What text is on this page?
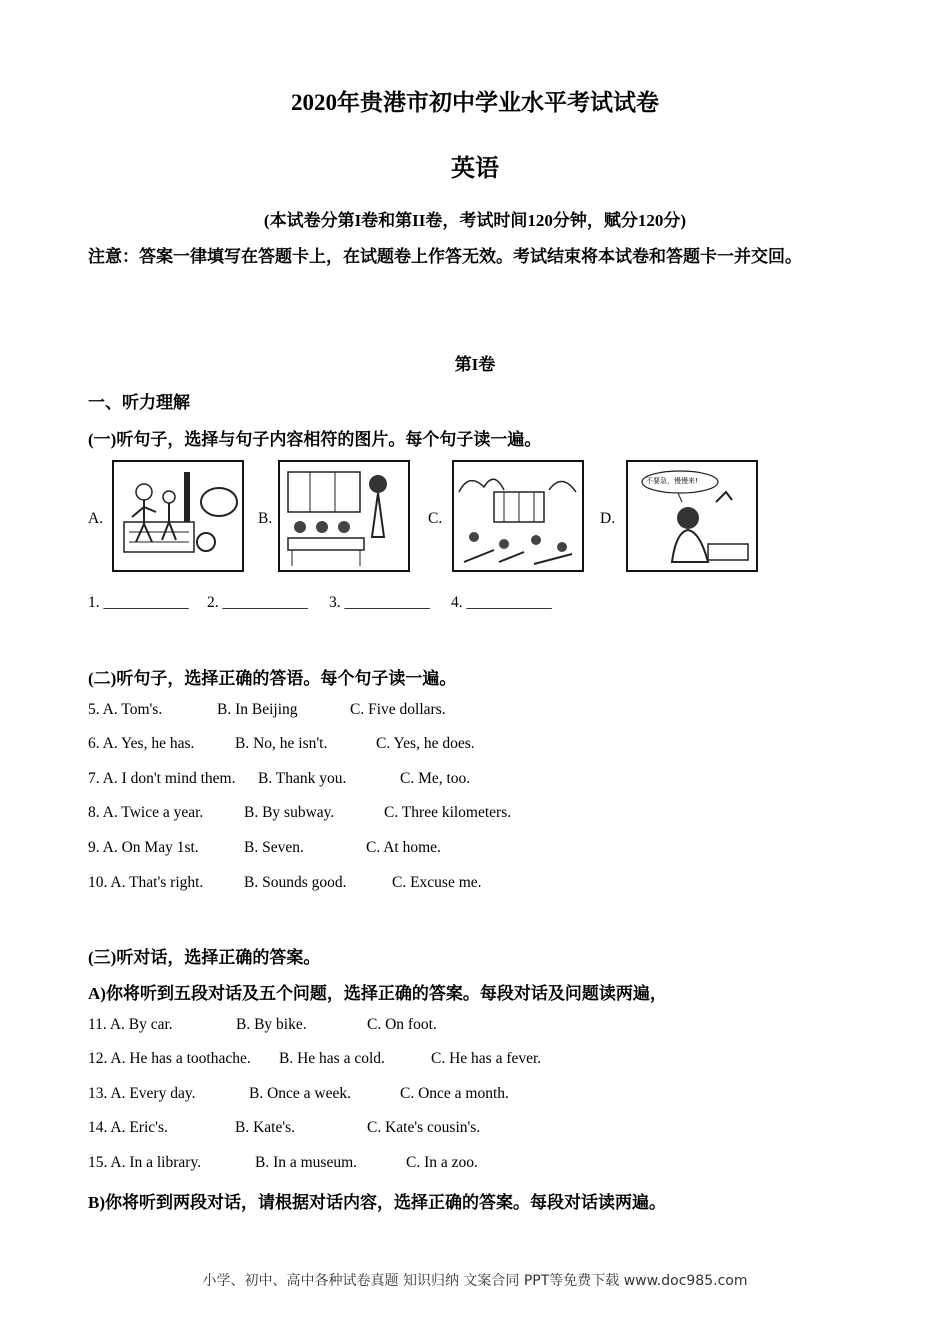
2020年贵港市初中学业水平考试试卷
英语
(本试卷分第I卷和第II卷，考试时间120分钟，赋分120分)
注意：答案一律填写在答题卡上，在试题卷上作答无效。考试结束将本试卷和答题卡一并交回。
第I卷
一、听力理解
(一)听句子，选择与句子内容相符的图片。每个句子读一遍。
A.	B.	C.	D.
不要急，慢慢来!
1. ___________ 2. ___________ 3. ___________ 4. ___________
(二)听句子，选择正确的答语。每个句子读一遍。
5. A. Tom's.	B. In Beijing	C. Five dollars.
6. A. Yes, he has.	B. No, he isn't.	C. Yes, he does.
7. A. I don't mind them. B. Thank you.	C. Me, too.
8. A. Twice a year.	B. By subway.	C. Three kilometers.
9. A. On May 1st.	B. Seven.	C. At home.
10. A. That's right.	B. Sounds good.	C. Excuse me.
(三)听对话，选择正确的答案。
A)你将听到五段对话及五个问题，选择正确的答案。每段对话及问题读两遍，
11. A. By car.	B. By bike.	C. On foot.
12. A. He has a toothache. B. He has a cold.	C. He has a fever.
13. A. Every day.	B. Once a week.	C. Once a month.
14. A. Eric's.	B. Kate's.	C. Kate's cousin's.
15. A. In a library.	B. In a museum.	C. In a zoo.
B)你将听到两段对话，请根据对话内容，选择正确的答案。每段对话读两遍。
小学、初中、高中各种试卷真题 知识归纳 文案合同 PPT等免费下载 www.doc985.com
